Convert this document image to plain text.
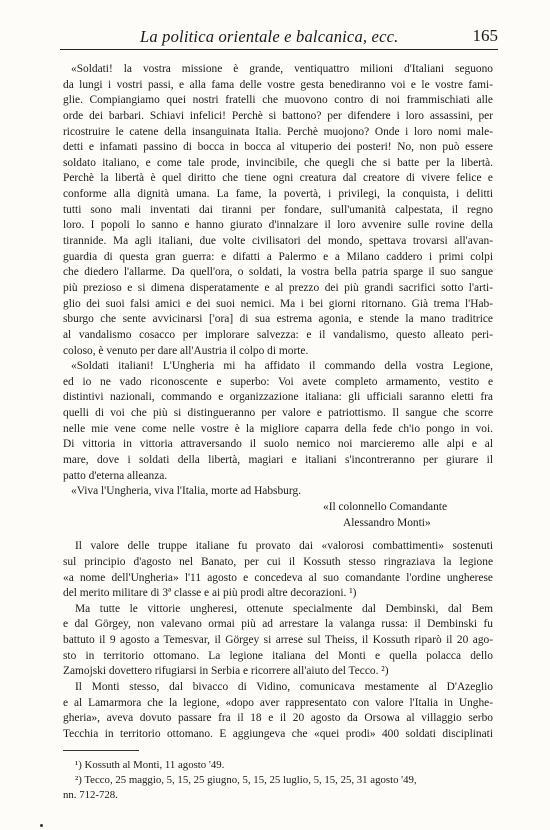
La politica orientale e balcanica, ecc.	165
«Soldati! la vostra missione è grande, ventiquattro milioni d'Italiani seguono
da lungi i vostri passi, e alla fama delle vostre gesta benediranno voi e le vostre fami-
glie. Compiangiamo quei nostri fratelli che muovono contro di noi frammischiati alle
orde dei barbari. Schiavi infelici! Perchè si battono? per difendere i loro assassini, per
ricostruire le catene della insanguinata Italia. Perchè muojono? Onde i loro nomi male-
detti e infamati passino di bocca in bocca al vituperio dei posteri! No, non può essere
soldato italiano, e come tale prode, invincibile, che quegli che si batte per la libertà.
Perchè la libertà è quel diritto che tiene ogni creatura dal creatore di vivere felice e
conforme alla dignità umana. La fame, la povertà, i privilegi, la conquista, i delitti
tutti sono mali inventati dai tiranni per fondare, sull'umanità calpestata, il regno
loro. I popoli lo sanno e hanno giurato d'innalzare il loro avvenire sulle rovine della
tirannide. Ma agli italiani, due volte civilisatori del mondo, spettava trovarsi all'avan-
guardia di questa gran guerra: e difatti a Palermo e a Milano caddero i primi colpi
che diedero l'allarme. Da quell'ora, o soldati, la vostra bella patria sparge il suo sangue
più prezioso e si dimena disperatamente e al prezzo dei più grandi sacrifici sotto l'arti-
glio dei suoi falsi amici e dei suoi nemici. Ma i bei giorni ritornano. Già trema l'Hab-
sburgo che sente avvicinarsi ['ora] di sua estrema agonia, e stende la mano traditrice
al vandalismo cosacco per implorare salvezza: e il vandalismo, questo alleato peri-
coloso, è venuto per dare all'Austria il colpo di morte.
«Soldati italiani! L'Ungheria mi ha affidato il commando della vostra Legione,
ed io ne vado riconoscente e superbo: Voi avete completo armamento, vestito e
distintivi nazionali, commando e organizzazione italiana: gli ufficiali saranno eletti fra
quelli di voi che più si distingueranno per valore e patriottismo. Il sangue che scorre
nelle mie vene come nelle vostre è la migliore caparra della fede ch'io pongo in voi.
Di vittoria in vittoria attraversando il suolo nemico noi marcieremo alle alpi e al
mare, dove i soldati della libertà, magiari e italiani s'incontreranno per giurare il
patto d'eterna alleanza.
«Viva l'Ungheria, viva l'Italia, morte ad Habsburg.
«Il colonnello Comandante
Alessandro Monti»
Il valore delle truppe italiane fu provato dai «valorosi combattimenti» sostenuti
sul principio d'agosto nel Banato, per cui il Kossuth stesso ringraziava la legione
«a nome dell'Ungheria» l'11 agosto e concedeva al suo comandante l'ordine ungherese
del merito militare di 3ª classe e ai più prodi altre decorazioni. ¹)
Ma tutte le vittorie ungheresi, ottenute specialmente dal Dembinski, dal Bem
e dal Görgey, non valevano ormai più ad arrestare la valanga russa: il Dembinski fu
battuto il 9 agosto a Temesvar, il Görgey si arrese sul Theiss, il Kossuth riparò il 20 ago-
sto in territorio ottomano. La legione italiana del Monti e quella polacca dello
Zamojski dovettero rifugiarsi in Serbia e ricorrere all'aiuto del Tecco. ²)
Il Monti stesso, dal bivacco di Vidino, comunicava mestamente al D'Azeglio
e al Lamarmora che la legione, «dopo aver rappresentato con valore l'Italia in Unghe-
gheria», aveva dovuto passare fra il 18 e il 20 agosto da Orsowa al villaggio serbo
Tecchia in territorio ottomano. E aggiungeva che «quei prodi» 400 soldati disciplinati
¹) Kossuth al Monti, 11 agosto '49.
²) Tecco, 25 maggio, 5, 15, 25 giugno, 5, 15, 25 luglio, 5, 15, 25, 31 agosto '49,
nn. 712-728.
